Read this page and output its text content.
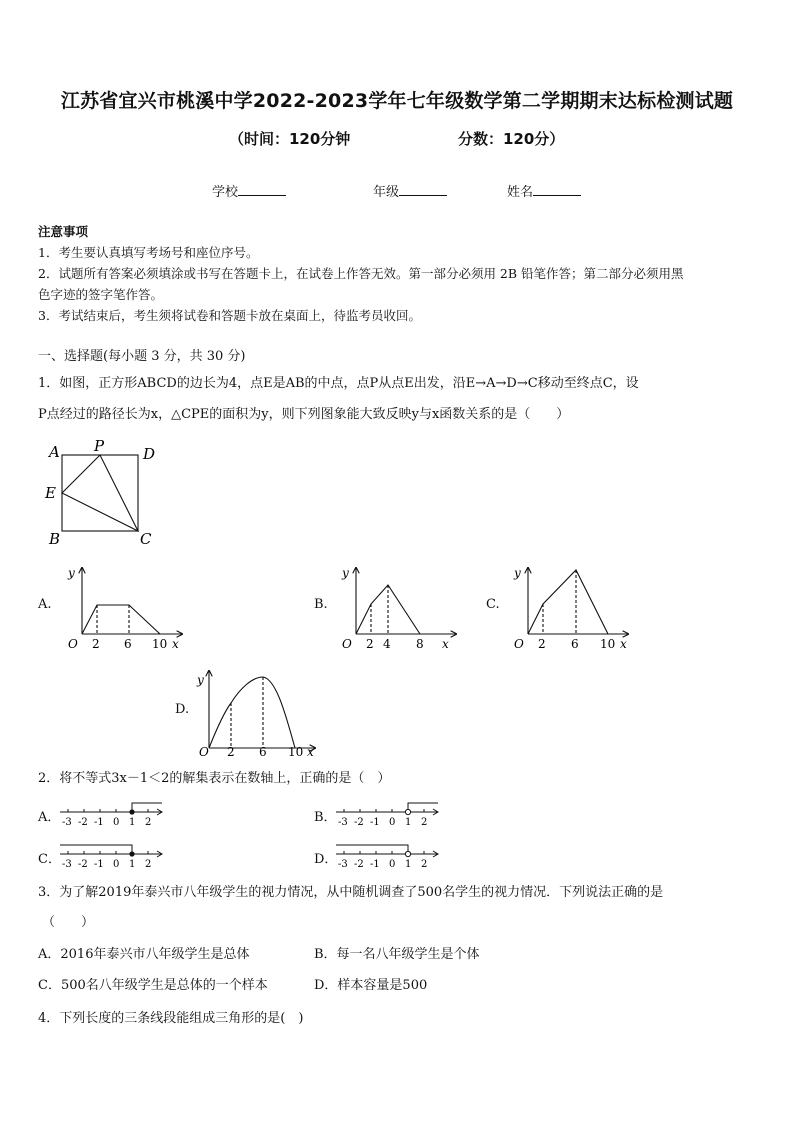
江苏省宜兴市桃溪中学2022-2023学年七年级数学第二学期期末达标检测试题
（时间：120分钟	分数：120分）
学校	年级	姓名
注意事项
1．考生要认真填写考场号和座位序号。
2．试题所有答案必须填涂或书写在答题卡上，在试卷上作答无效。第一部分必须用 2B 铅笔作答；第二部分必须用黑
色字迹的签字笔作答。
3．考试结束后，考生须将试卷和答题卡放在桌面上，待监考员收回。
一、选择题(每小题 3 分，共 30 分)
1．如图，正方形ABCD的边长为4，点E是AB的中点，点P从点E出发，沿E→A→D→C移动至终点C，设
P点经过的路径长为x，△CPE的面积为y，则下列图象能大致反映y与x函数关系的是（　　）
A P	D
E
B	C
A.
y
O 2 6 10 x
B.
y
O 2 4 8 x
C.
y
O 2 6 10 x
D.
y
O 2 6 10 x
2．将不等式3x－1＜2的解集表示在数轴上，正确的是（　）
A． -3 -2 -1 0 1 2	B． -3 -2 -1 0 1 2
C． -3 -2 -1 0 1 2	D． -3 -2 -1 0 1 2
3．为了解2019年泰兴市八年级学生的视力情况，从中随机调查了500名学生的视力情况．下列说法正确的是
（　　）
A．2016年泰兴市八年级学生是总体	B．每一名八年级学生是个体
C．500名八年级学生是总体的一个样本	D．样本容量是500
4．下列长度的三条线段能组成三角形的是(　)
